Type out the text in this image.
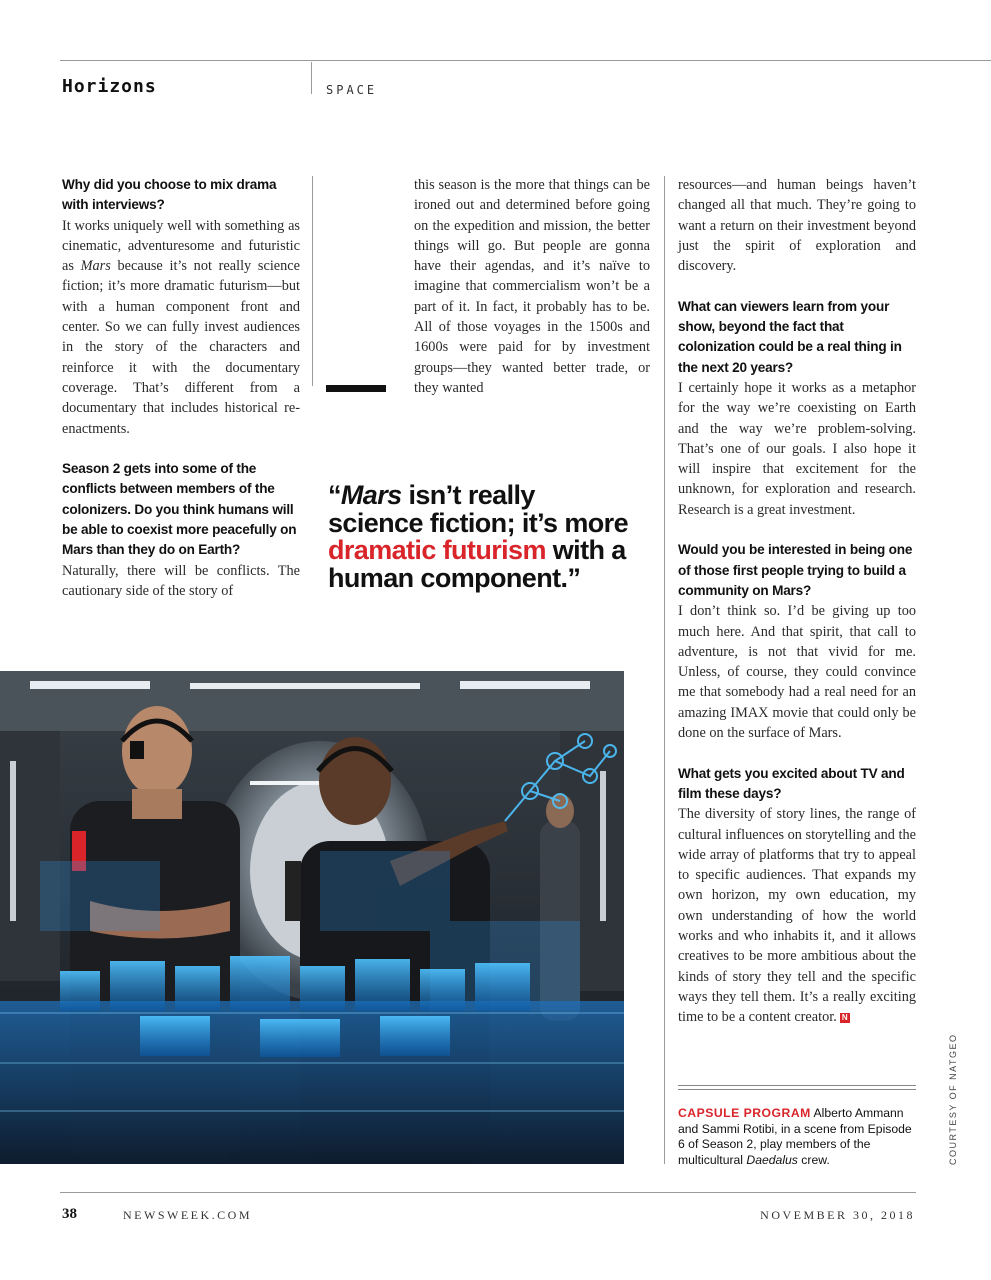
Horizons	SPACE

Why did you choose to mix drama with interviews?

It works uniquely well with something as cinematic, adventuresome and futuristic as Mars because it’s not really science fiction; it’s more dramatic futurism—but with a human component front and center. So we can fully invest audiences in the story of the characters and reinforce it with the documentary coverage. That’s different from a documentary that includes historical re-enactments.

Season 2 gets into some of the conflicts between members of the colonizers. Do you think humans will be able to coexist more peacefully on Mars than they do on Earth?

Naturally, there will be conflicts. The cautionary side of the story of

this season is the more that things can be ironed out and determined before going on the expedition and mission, the better things will go. But people are gonna have their agendas, and it’s naïve to imagine that commercialism won’t be a part of it. In fact, it probably has to be. All of those voyages in the 1500s and 1600s were paid for by investment groups—they wanted better trade, or they wanted

“Mars isn’t really science fiction; it’s more dramatic futurism with a human component.”

resources—and human beings haven’t changed all that much. They’re going to want a return on their investment beyond just the spirit of exploration and discovery.

What can viewers learn from your show, beyond the fact that colonization could be a real thing in the next 20 years?

I certainly hope it works as a metaphor for the way we’re coexisting on Earth and the way we’re problem-solving. That’s one of our goals. I also hope it will inspire that excitement for the unknown, for exploration and research. Research is a great investment.

Would you be interested in being one of those first people trying to build a community on Mars?

I don’t think so. I’d be giving up too much here. And that spirit, that call to adventure, is not that vivid for me. Unless, of course, they could convince me that somebody had a real need for an amazing IMAX movie that could only be done on the surface of Mars.

What gets you excited about TV and film these days?

The diversity of story lines, the range of cultural influences on storytelling and the wide array of platforms that try to appeal to specific audiences. That expands my own horizon, my own education, my own understanding of how the world works and who inhabits it, and it allows creatives to be more ambitious about the kinds of story they tell and the specific ways they tell them. It’s a really exciting time to be a content creator. N

CAPSULE PROGRAM Alberto Ammann and Sammi Rotibi, in a scene from Episode 6 of Season 2, play members of the multicultural Daedalus crew.	COURTESY OF NATGEO
38	NEWSWEEK.COM	NOVEMBER 30, 2018
